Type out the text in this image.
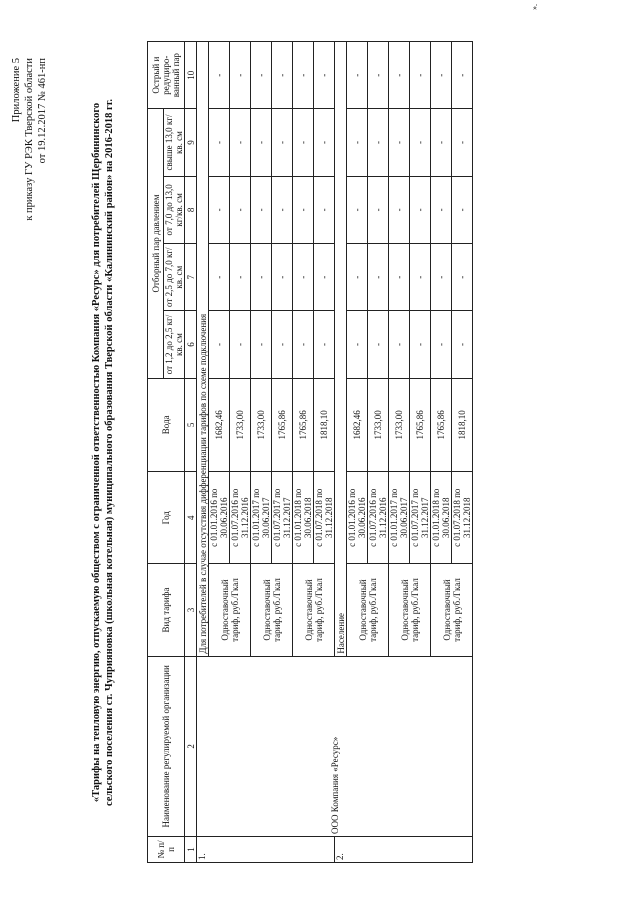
Приложение 5 к приказу ГУ РЭК Тверской области от 19.12.2017 № 461-нп	«Тарифы на тепловую энергию, отпускаемую обществом с ограниченной ответственностью Компания «Ресурс» для потребителей Щербининского сельского поселения ст. Чуприяновка (школьная котельная) муниципального образования Тверской области «Калининский район» на 2016-2018 гг.
№ п/ п	Наименование регулируемой организации	Вид тарифа	Год	Вода	Отборный пар давлением				Острый и редуциро-ванный пар
					от 1,2 до 2,5 кг/кв. см	от 2,5 до 7,0 кг/кв. см	от 7,0 до 13,0 кг/кв. см	свыше 13,0 кг/кв. см	
1	2	3	4	5	6	7	8	9	10
1.	ООО Компания «Ресурс»	Для потребителей в случае отсутствия дифференциации тарифов по схеме подключения							
		Одноставочный тариф, руб./Гкал	с 01.01.2016 по 30.06.2016	1682,46	-	-	-	-	-
			с 01.07.2016 по 31.12.2016	1733,00	-	-	-	-	-
		Одноставочный тариф, руб./Гкал	с 01.01.2017 по 30.06.2017	1733,00	-	-	-	-	-
			с 01.07.2017 по 31.12.2017	1765,86	-	-	-	-	-
		Одноставочный тариф, руб./Гкал	с 01.01.2018 по 30.06.2018	1765,86	-	-	-	-	-
			с 01.07.2018 по 31.12.2018	1818,10	-	-	-	-	-
2.		Население							
		Одноставочный тариф, руб./Гкал	с 01.01.2016 по 30.06.2016	1682,46	-	-	-	-	-
			с 01.07.2016 по 31.12.2016	1733,00	-	-	-	-	-
		Одноставочный тариф, руб./Гкал	с 01.01.2017 по 30.06.2017	1733,00	-	-	-	-	-
			с 01.07.2017 по 31.12.2017	1765,86	-	-	-	-	-
		Одноставочный тариф, руб./Гкал	с 01.01.2018 по 30.06.2018	1765,86	-	-	-	-	-
			с 01.07.2018 по 31.12.2018	1818,10	-	-	-	-	-
».
